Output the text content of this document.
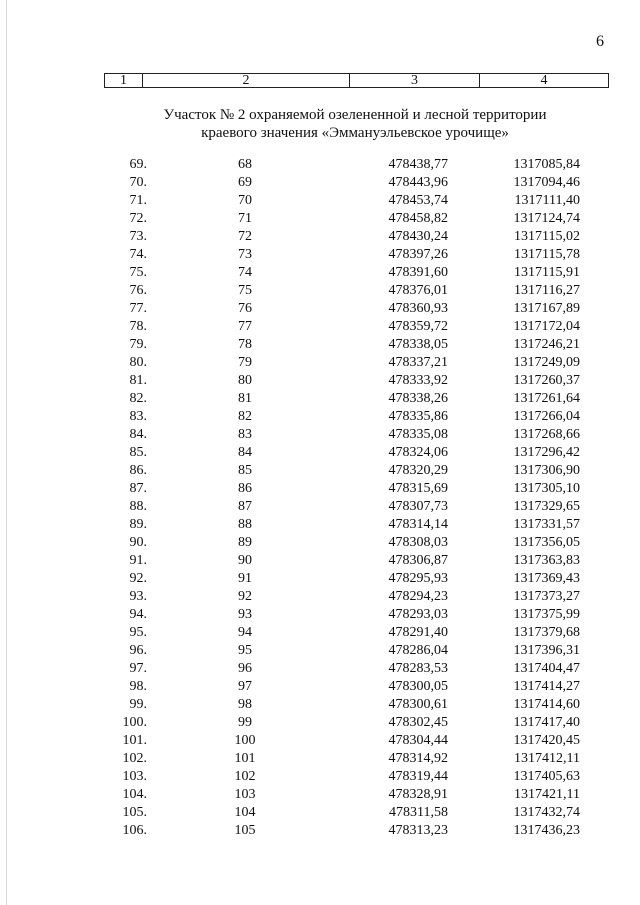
6
1	2	3	4
Участок № 2 охраняемой озелененной и лесной территории
краевого значения «Эммануэльевское урочище»
69.	68	478438,77	1317085,84
70.	69	478443,96	1317094,46
71.	70	478453,74	1317111,40
72.	71	478458,82	1317124,74
73.	72	478430,24	1317115,02
74.	73	478397,26	1317115,78
75.	74	478391,60	1317115,91
76.	75	478376,01	1317116,27
77.	76	478360,93	1317167,89
78.	77	478359,72	1317172,04
79.	78	478338,05	1317246,21
80.	79	478337,21	1317249,09
81.	80	478333,92	1317260,37
82.	81	478338,26	1317261,64
83.	82	478335,86	1317266,04
84.	83	478335,08	1317268,66
85.	84	478324,06	1317296,42
86.	85	478320,29	1317306,90
87.	86	478315,69	1317305,10
88.	87	478307,73	1317329,65
89.	88	478314,14	1317331,57
90.	89	478308,03	1317356,05
91.	90	478306,87	1317363,83
92.	91	478295,93	1317369,43
93.	92	478294,23	1317373,27
94.	93	478293,03	1317375,99
95.	94	478291,40	1317379,68
96.	95	478286,04	1317396,31
97.	96	478283,53	1317404,47
98.	97	478300,05	1317414,27
99.	98	478300,61	1317414,60
100.	99	478302,45	1317417,40
101.	100	478304,44	1317420,45
102.	101	478314,92	1317412,11
103.	102	478319,44	1317405,63
104.	103	478328,91	1317421,11
105.	104	478311,58	1317432,74
106.	105	478313,23	1317436,23
